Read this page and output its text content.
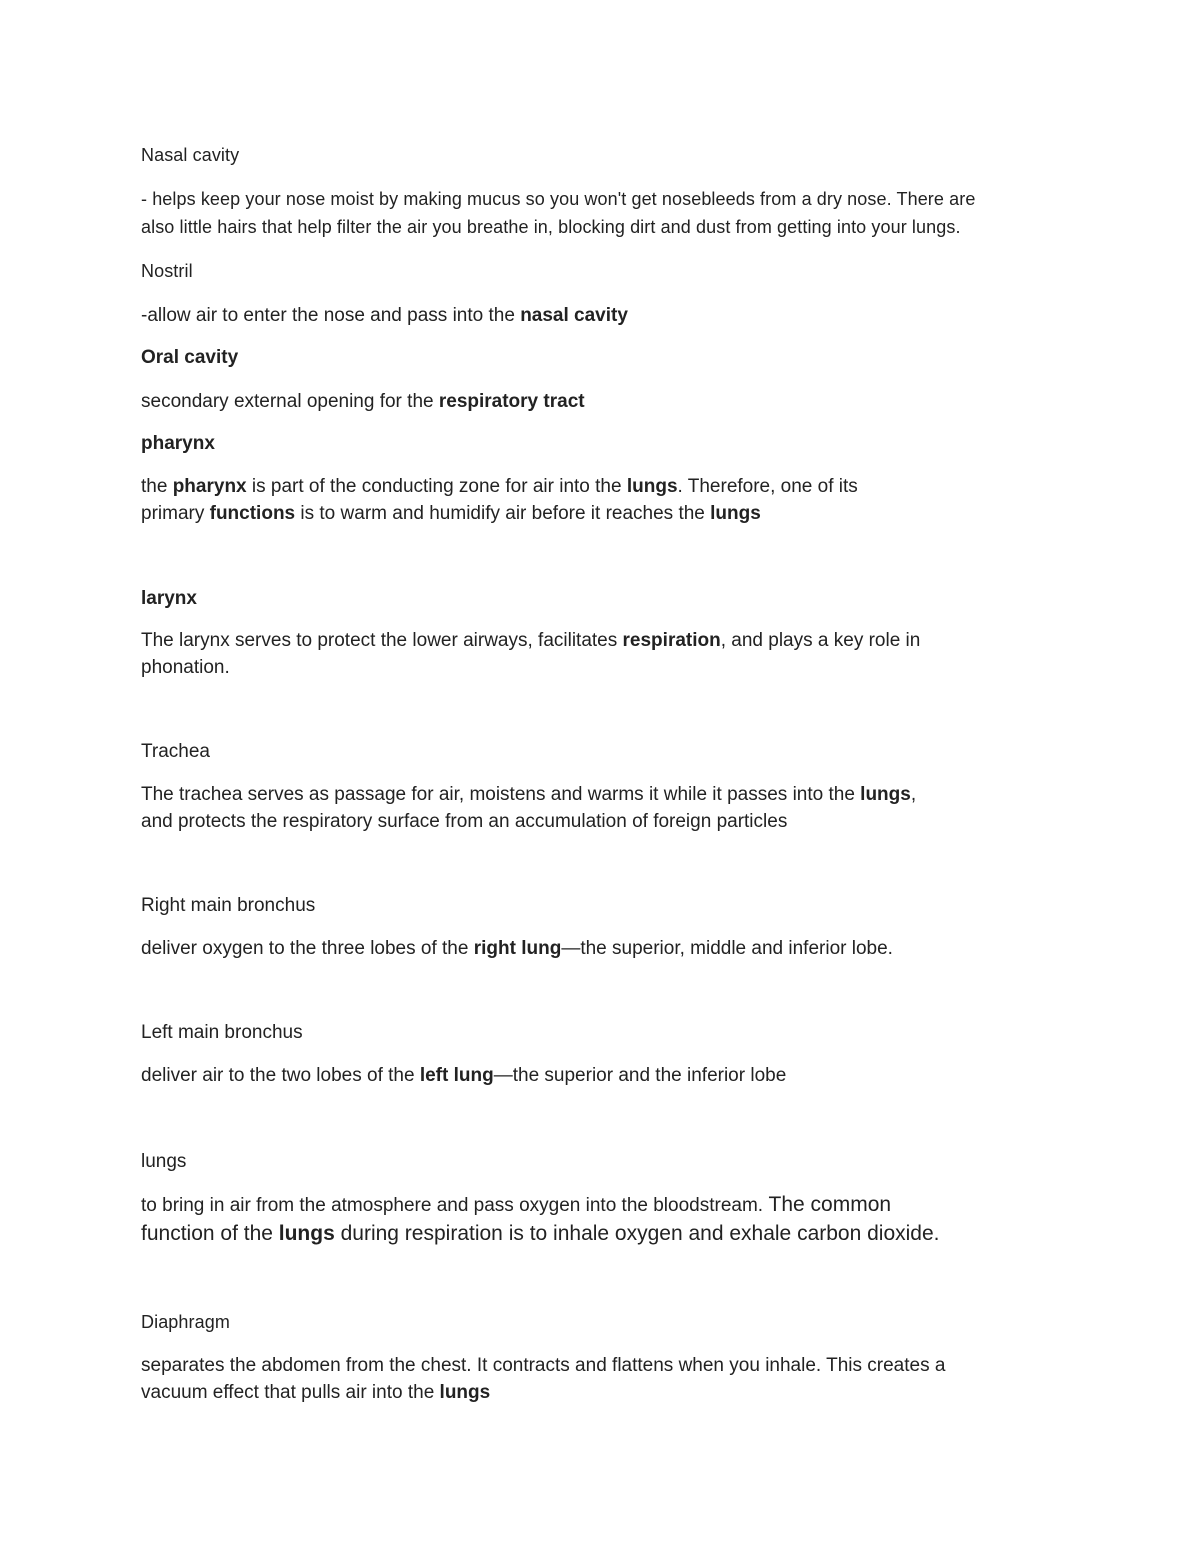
Nasal cavity

- helps keep your nose moist by making mucus so you won't get nosebleeds from a dry nose. There are

also little hairs that help filter the air you breathe in, blocking dirt and dust from getting into your lungs.

Nostril

-allow air to enter the nose and pass into the nasal cavity

Oral cavity

secondary external opening for the respiratory tract

pharynx

the pharynx is part of the conducting zone for air into the lungs. Therefore, one of its

primary functions is to warm and humidify air before it reaches the lungs

larynx

The larynx serves to protect the lower airways, facilitates respiration, and plays a key role in

phonation.

Trachea

The trachea serves as passage for air, moistens and warms it while it passes into the lungs,

and protects the respiratory surface from an accumulation of foreign particles

Right main bronchus

deliver oxygen to the three lobes of the right lung—the superior, middle and inferior lobe.

Left main bronchus

deliver air to the two lobes of the left lung—the superior and the inferior lobe

lungs

to bring in air from the atmosphere and pass oxygen into the bloodstream. The common

function of the lungs during respiration is to inhale oxygen and exhale carbon dioxide.

Diaphragm

separates the abdomen from the chest. It contracts and flattens when you inhale. This creates a

vacuum effect that pulls air into the lungs
